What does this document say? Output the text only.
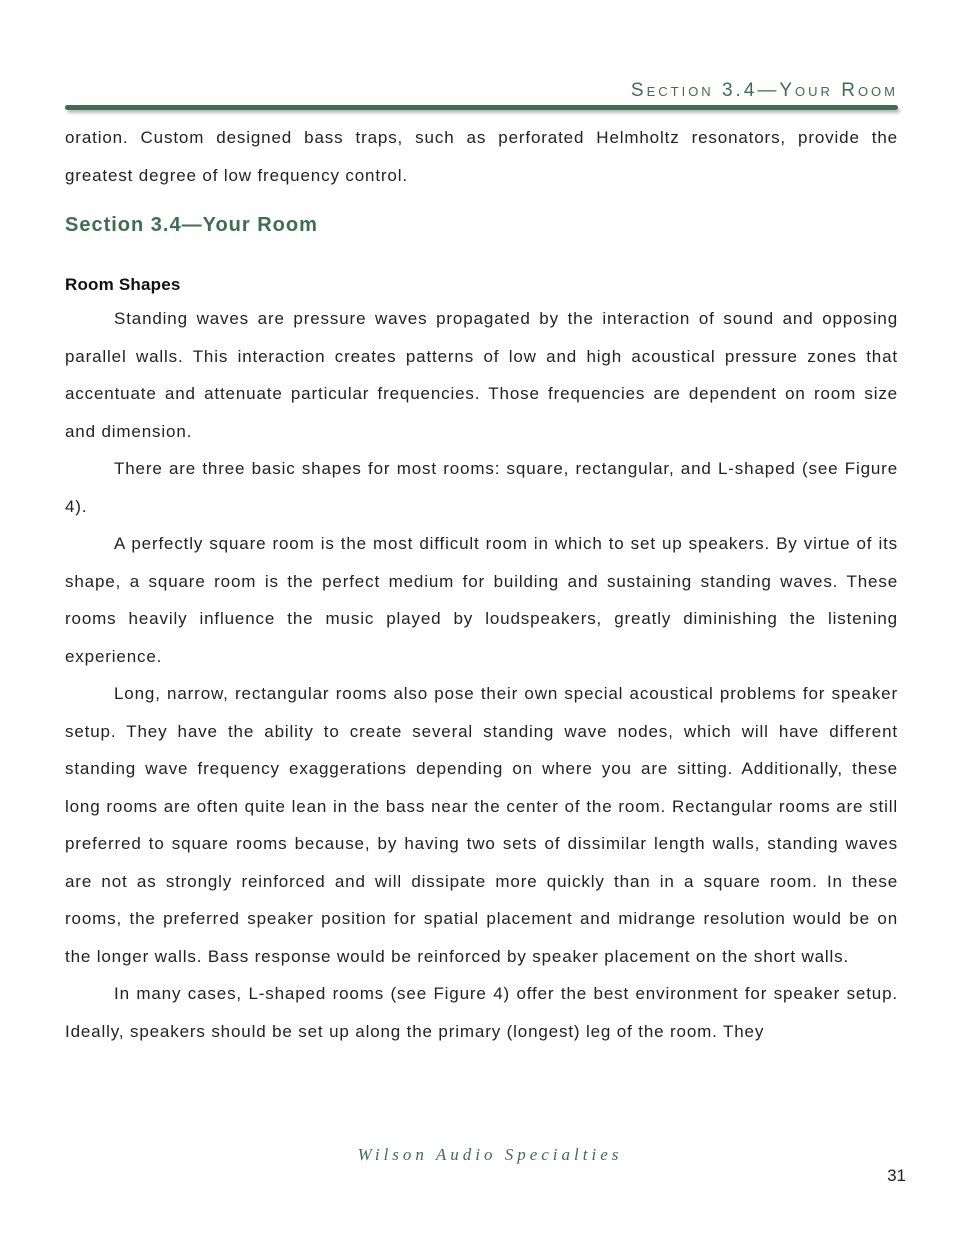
Section 3.4—Your Room

oration. Custom designed bass traps, such as perforated Helmholtz resonators, provide the greatest degree of low frequency control.

Section 3.4—Your Room
Room Shapes

Standing waves are pressure waves propagated by the interaction of sound and opposing parallel walls. This interaction creates patterns of low and high acoustical pressure zones that accentuate and attenuate particular frequencies. Those frequencies are dependent on room size and dimension.

There are three basic shapes for most rooms: square, rectangular, and L-shaped (see Figure 4).

A perfectly square room is the most difficult room in which to set up speakers. By virtue of its shape, a square room is the perfect medium for building and sustaining standing waves. These rooms heavily influence the music played by loudspeakers, greatly diminishing the listening experience.

Long, narrow, rectangular rooms also pose their own special acoustical problems for speaker setup. They have the ability to create several standing wave nodes, which will have different standing wave frequency exaggerations depending on where you are sitting. Additionally, these long rooms are often quite lean in the bass near the center of the room. Rectangular rooms are still preferred to square rooms because, by having two sets of dissimilar length walls, standing waves are not as strongly reinforced and will dissipate more quickly than in a square room. In these rooms, the preferred speaker position for spatial placement and midrange resolution would be on the longer walls. Bass response would be reinforced by speaker placement on the short walls.

In many cases, L-shaped rooms (see Figure 4) offer the best environment for speaker setup. Ideally, speakers should be set up along the primary (longest) leg of the room. They

Wilson Audio Specialties
31
